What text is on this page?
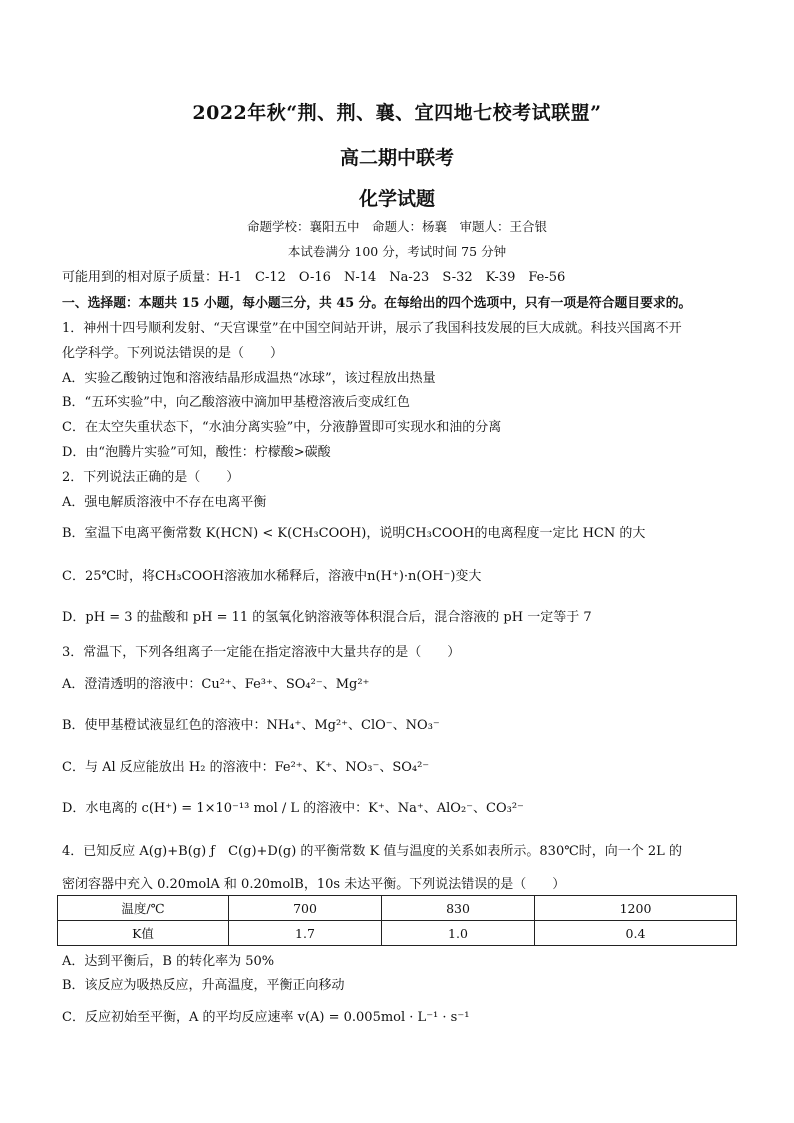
2022年秋“荆、荆、襄、宜四地七校考试联盟”
高二期中联考
化学试题
命题学校：襄阳五中　命题人：杨襄　审题人：王合银
本试卷满分 100 分，考试时间 75 分钟
可能用到的相对原子质量：H-1　C-12　O-16　N-14　Na-23　S-32　K-39　Fe-56
一、选择题：本题共 15 小题，每小题三分，共 45 分。在每给出的四个选项中，只有一项是符合题目要求的。
1．神州十四号顺利发射、“天宫课堂”在中国空间站开讲，展示了我国科技发展的巨大成就。科技兴国离不开
化学科学。下列说法错误的是（　　）
A．实验乙酸钠过饱和溶液结晶形成温热“冰球”，该过程放出热量
B．“五环实验”中，向乙酸溶液中滴加甲基橙溶液后变成红色
C．在太空失重状态下，“水油分离实验”中，分液静置即可实现水和油的分离
D．由“泡腾片实验”可知，酸性：柠檬酸>碳酸
2．下列说法正确的是（　　）
A．强电解质溶液中不存在电离平衡
B．室温下电离平衡常数 K(HCN) < K(CH₃COOH)，说明CH₃COOH的电离程度一定比 HCN 的大
C．25℃时，将CH₃COOH溶液加水稀释后，溶液中n(H⁺)·n(OH⁻)变大
D．pH = 3 的盐酸和 pH = 11 的氢氧化钠溶液等体积混合后，混合溶液的 pH 一定等于 7
3．常温下，下列各组离子一定能在指定溶液中大量共存的是（　　）
A．澄清透明的溶液中：Cu²⁺、Fe³⁺、SO₄²⁻、Mg²⁺
B．使甲基橙试液显红色的溶液中：NH₄⁺、Mg²⁺、ClO⁻、NO₃⁻
C．与 Al 反应能放出 H₂ 的溶液中：Fe²⁺、K⁺、NO₃⁻、SO₄²⁻
D．水电离的 c(H⁺) = 1×10⁻¹³ mol / L 的溶液中：K⁺、Na⁺、AlO₂⁻、CO₃²⁻
4．已知反应 A(g)+B(g) ƒ　C(g)+D(g) 的平衡常数 K 值与温度的关系如表所示。830℃时，向一个 2L 的
密闭容器中充入 0.20molA 和 0.20molB，10s 未达平衡。下列说法错误的是（　　）
温度/℃	700	830	1200
K值	1.7	1.0	0.4
A．达到平衡后，B 的转化率为 50%
B．该反应为吸热反应，升高温度，平衡正向移动
C．反应初始至平衡，A 的平均反应速率 v(A) = 0.005mol · L⁻¹ · s⁻¹
